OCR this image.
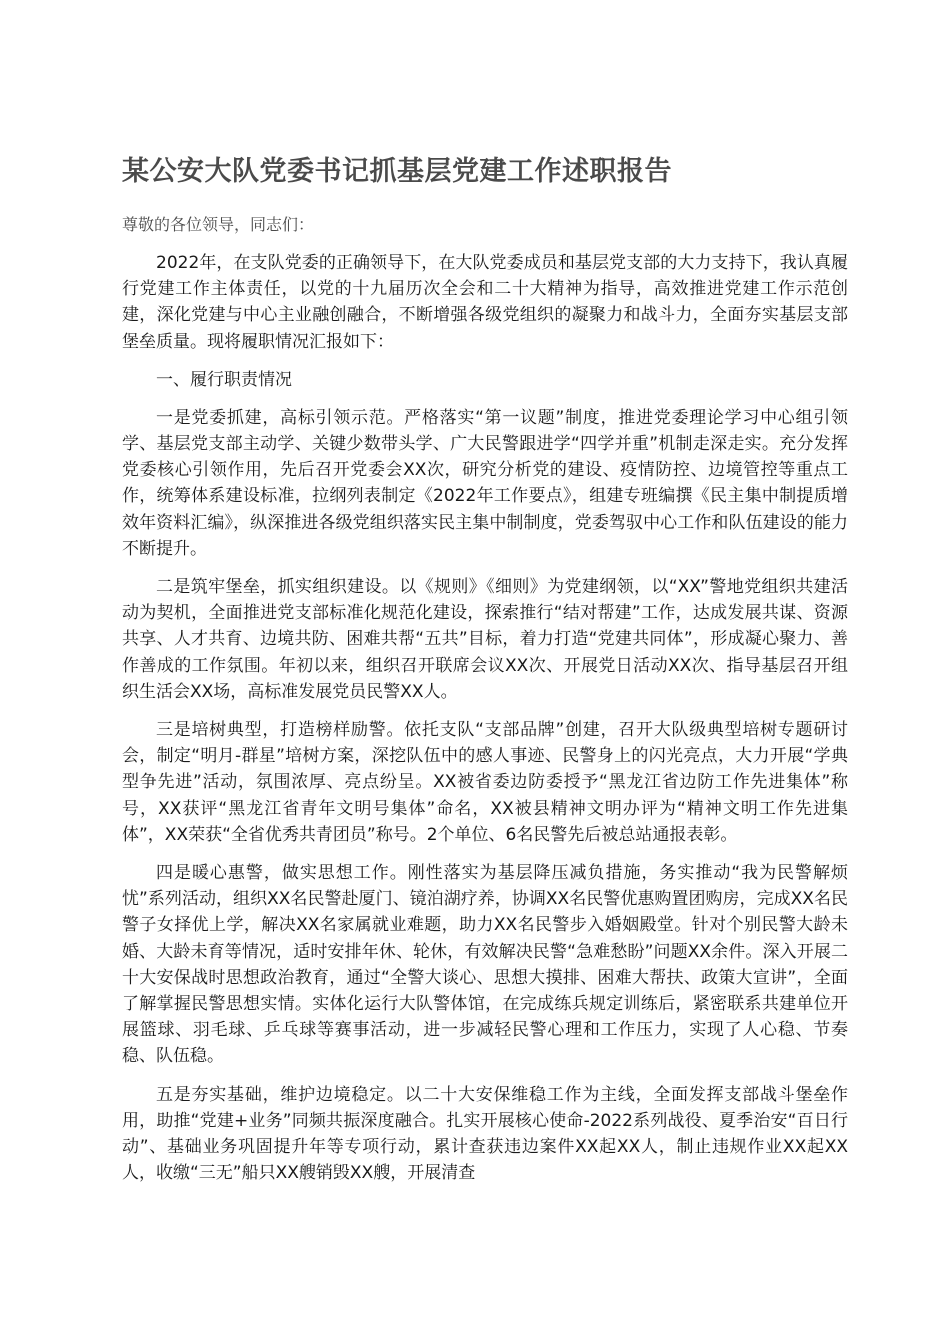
某公安大队党委书记抓基层党建工作述职报告

尊敬的各位领导，同志们：

2022年，在支队党委的正确领导下，在大队党委成员和基层党支部的大力支持下，我认真履行党建工作主体责任，以党的十九届历次全会和二十大精神为指导，高效推进党建工作示范创建，深化党建与中心主业融创融合，不断增强各级党组织的凝聚力和战斗力，全面夯实基层支部堡垒质量。现将履职情况汇报如下：

一、履行职责情况

一是党委抓建，高标引领示范。严格落实“第一议题”制度，推进党委理论学习中心组引领学、基层党支部主动学、关键少数带头学、广大民警跟进学“四学并重”机制走深走实。充分发挥党委核心引领作用，先后召开党委会XX次，研究分析党的建设、疫情防控、边境管控等重点工作，统筹体系建设标准，拉纲列表制定《2022年工作要点》，组建专班编撰《民主集中制提质增效年资料汇编》，纵深推进各级党组织落实民主集中制制度，党委驾驭中心工作和队伍建设的能力不断提升。

二是筑牢堡垒，抓实组织建设。以《规则》《细则》为党建纲领，以“XX”警地党组织共建活动为契机，全面推进党支部标准化规范化建设，探索推行“结对帮建”工作，达成发展共谋、资源共享、人才共育、边境共防、困难共帮“五共”目标，着力打造“党建共同体”，形成凝心聚力、善作善成的工作氛围。年初以来，组织召开联席会议XX次、开展党日活动XX次、指导基层召开组织生活会XX场，高标准发展党员民警XX人。

三是培树典型，打造榜样励警。依托支队“支部品牌”创建，召开大队级典型培树专题研讨会，制定“明月-群星”培树方案，深挖队伍中的感人事迹、民警身上的闪光亮点，大力开展“学典型争先进”活动，氛围浓厚、亮点纷呈。XX被省委边防委授予“黑龙江省边防工作先进集体”称号，XX获评“黑龙江省青年文明号集体”命名，XX被县精神文明办评为“精神文明工作先进集体”，XX荣获“全省优秀共青团员”称号。2个单位、6名民警先后被总站通报表彰。

四是暖心惠警，做实思想工作。刚性落实为基层降压减负措施，务实推动“我为民警解烦忧”系列活动，组织XX名民警赴厦门、镜泊湖疗养，协调XX名民警优惠购置团购房，完成XX名民警子女择优上学，解决XX名家属就业难题，助力XX名民警步入婚姻殿堂。针对个别民警大龄未婚、大龄未育等情况，适时安排年休、轮休，有效解决民警“急难愁盼”问题XX余件。深入开展二十大安保战时思想政治教育，通过“全警大谈心、思想大摸排、困难大帮扶、政策大宣讲”，全面了解掌握民警思想实情。实体化运行大队警体馆，在完成练兵规定训练后，紧密联系共建单位开展篮球、羽毛球、乒乓球等赛事活动，进一步减轻民警心理和工作压力，实现了人心稳、节奏稳、队伍稳。

五是夯实基础，维护边境稳定。以二十大安保维稳工作为主线，全面发挥支部战斗堡垒作用，助推“党建+业务”同频共振深度融合。扎实开展核心使命-2022系列战役、夏季治安“百日行动”、基础业务巩固提升年等专项行动，累计查获违边案件XX起XX人，制止违规作业XX起XX人，收缴“三无”船只XX艘销毁XX艘，开展清查
